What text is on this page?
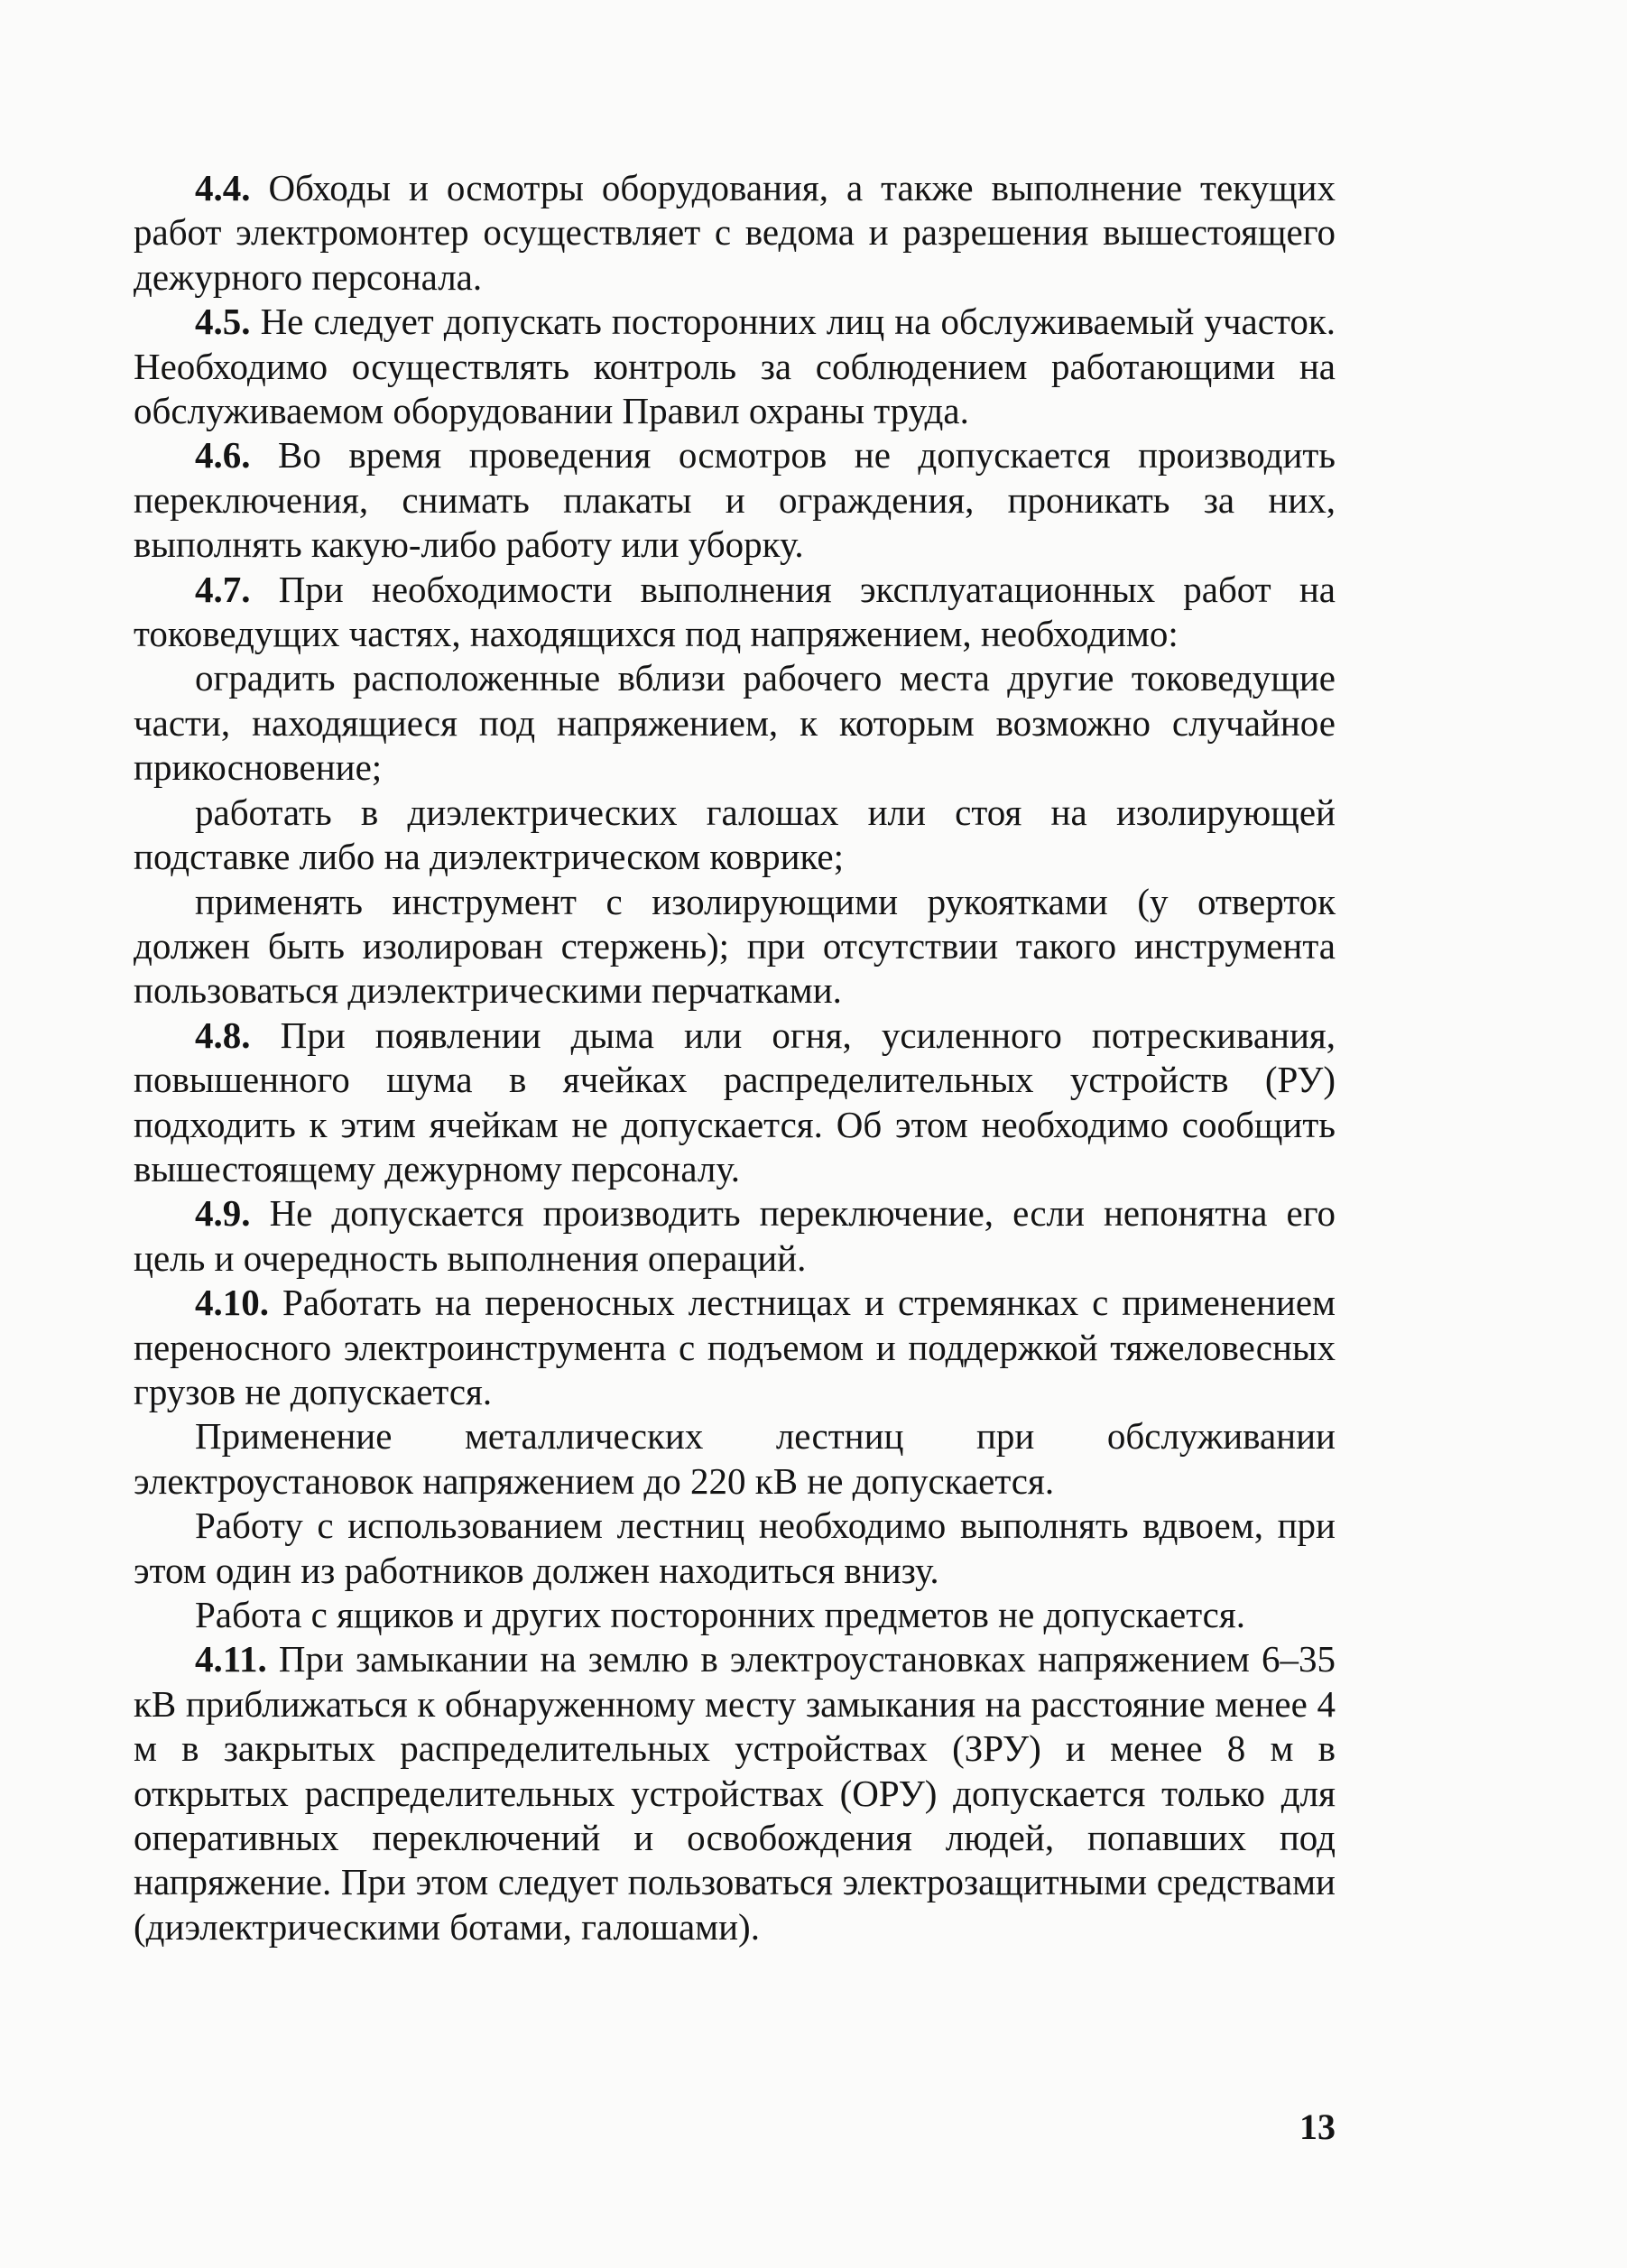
4.4. Обходы и осмотры оборудования, а также выполнение текущих работ электромонтер осуществляет с ведома и разрешения вышестоящего дежурного персонала.

4.5. Не следует допускать посторонних лиц на обслуживаемый участок. Необходимо осуществлять контроль за соблюдением работающими на обслуживаемом оборудовании Правил охраны труда.

4.6. Во время проведения осмотров не допускается производить переключения, снимать плакаты и ограждения, проникать за них, выполнять какую-либо работу или уборку.

4.7. При необходимости выполнения эксплуатационных работ на токоведущих частях, находящихся под напряжением, необходимо:

оградить расположенные вблизи рабочего места другие токоведущие части, находящиеся под напряжением, к которым возможно случайное прикосновение;

работать в диэлектрических галошах или стоя на изолирующей подставке либо на диэлектрическом коврике;

применять инструмент с изолирующими рукоятками (у отверток должен быть изолирован стержень); при отсутствии такого инструмента пользоваться диэлектрическими перчатками.

4.8. При появлении дыма или огня, усиленного потрескивания, повышенного шума в ячейках распределительных устройств (РУ) подходить к этим ячейкам не допускается. Об этом необходимо сообщить вышестоящему дежурному персоналу.

4.9. Не допускается производить переключение, если непонятна его цель и очередность выполнения операций.

4.10. Работать на переносных лестницах и стремянках с применением переносного электроинструмента с подъемом и поддержкой тяжеловесных грузов не допускается.

Применение металлических лестниц при обслуживании электроустановок напряжением до 220 кВ не допускается.

Работу с использованием лестниц необходимо выполнять вдвоем, при этом один из работников должен находиться внизу.

Работа с ящиков и других посторонних предметов не допускается.

4.11. При замыкании на землю в электроустановках напряжением 6–35 кВ приближаться к обнаруженному месту замыкания на расстояние менее 4 м в закрытых распределительных устройствах (ЗРУ) и менее 8 м в открытых распределительных устройствах (ОРУ) допускается только для оперативных переключений и освобождения людей, попавших под напряжение. При этом следует пользоваться электрозащитными средствами (диэлектрическими ботами, галошами).

13
